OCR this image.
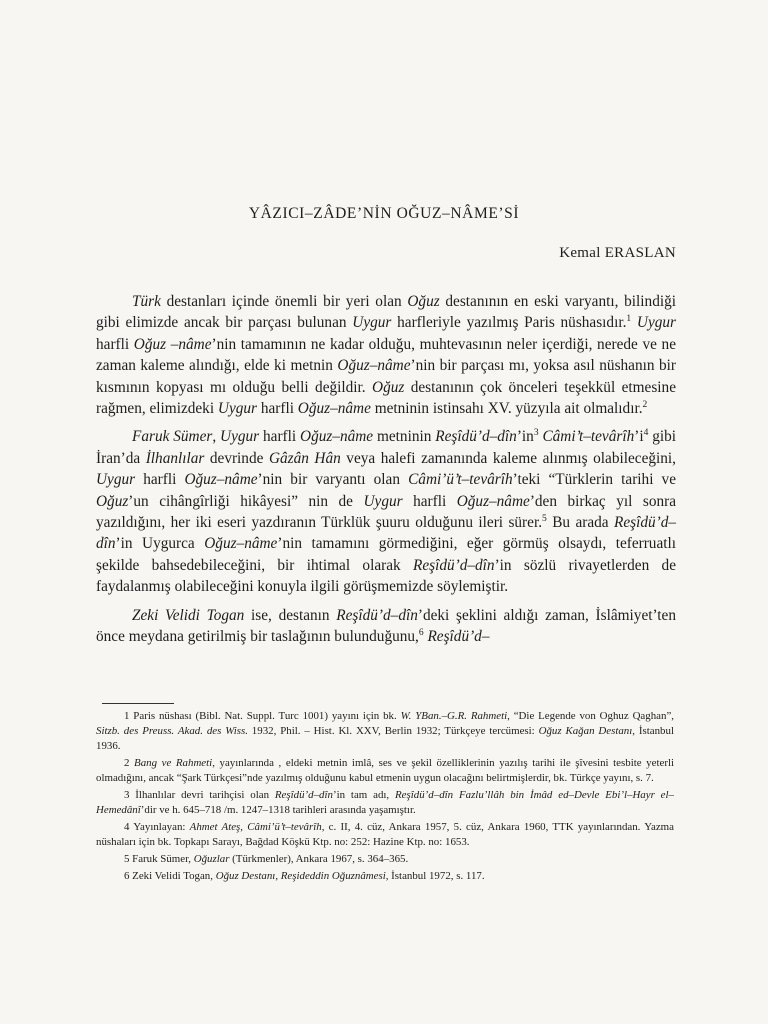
YÂZICI–ZÂDE’NİN OĞUZ–NÂME’Sİ
Kemal ERASLAN

Türk destanları içinde önemli bir yeri olan Oğuz destanının en eski varyantı, bilindiği gibi elimizde ancak bir parçası bulunan Uygur harfleriyle yazılmış Paris nüshasıdır.$^1$ Uygur harfli Oğuz –nâme’nin tamamının ne kadar olduğu, muhtevasının neler içerdiği, nerede ve ne zaman kaleme alındığı, elde ki metnin Oğuz–nâme’nin bir parçası mı, yoksa asıl nüshanın bir kısmının kopyası mı olduğu belli değildir. Oğuz destanının çok önceleri teşekkül etmesine rağmen, elimizdeki Uygur harfli Oğuz–nâme metninin istinsahı XV. yüzyıla ait olmalıdır.$^2$

Faruk Sümer, Uygur harfli Oğuz–nâme metninin $Reşîdü’d-dîn’in^3$ $Câmi’t-tevârîh’i^4$ gibi İran’da İlhanlılar devrinde Gâzân Hân veya halefi zamanında kaleme alınmış olabileceğini, Uygur harfli Oğuz–nâme’nin bir varyantı olan Câmi’ü’t–tevârîh’teki “Türklerin tarihi ve Oğuz’un cihângîrliği hikâyesi” nin de Uygur harfli Oğuz–nâme’den birkaç yıl sonra yazıldığını, her iki eseri yazdıranın Türklük şuuru olduğunu ileri sürer.$^5$ Bu arada Reşîdü’d–dîn’in Uygurca Oğuz–nâme’nin tamamını görmediğini, eğer görmüş olsaydı, teferruatlı şekilde bahsedebileceğini, bir ihtimal olarak Reşîdü’d–dîn’in sözlü rivayetlerden de faydalanmış olabileceğini konuyla ilgili görüşmemizde söylemiştir.

Zeki Velidi Togan ise, destanın Reşîdü’d–dîn’deki şeklini aldığı zaman, İslâmiyet’ten önce meydana getirilmiş bir taslağının bulunduğunu,$^6$ Reşîdü’d–

1 Paris nüshası (Bibl. Nat. Suppl. Turc 1001) yayını için bk. W. YBan.–G.R. Rahmeti, “Die Legende von Oghuz Qaghan”, Sitzb. des Preuss. Akad. des Wiss. 1932, Phil. – Hist. Kl. XXV, Berlin 1932; Türkçeye tercümesi: Oğuz Kağan Destanı, İstanbul 1936.

2 Bang ve Rahmeti, yayınlarında , eldeki metnin imlâ, ses ve şekil özelliklerinin yazılış tarihi ile şîvesini tesbite yeterli olmadığını, ancak “Şark Türkçesi”nde yazılmış olduğunu kabul etmenin uygun olacağını belirtmişlerdir, bk. Türkçe yayını, s. 7.

3 İlhanlılar devri tarihçisi olan Reşîdü’d–dîn’in tam adı, Reşîdü’d–dîn Fazlu’llâh bin İmâd ed–Devle Ebi’l–Hayr el–Hemedânî’dir ve h. 645–718 /m. 1247–1318 tarihleri arasında yaşamıştır.

4 Yayınlayan: Ahmet Ateş, Câmi’ü’t–tevârîh, c. II, 4. cüz, Ankara 1957, 5. cüz, Ankara 1960, TTK yayınlarından. Yazma nüshaları için bk. Topkapı Sarayı, Bağdad Köşkü Ktp. no: 252: Hazine Ktp. no: 1653.

5 Faruk Sümer, Oğuzlar (Türkmenler), Ankara 1967, s. 364–365.

6 Zeki Velidi Togan, Oğuz Destanı, Reşideddin Oğuznâmesi, İstanbul 1972, s. 117.
